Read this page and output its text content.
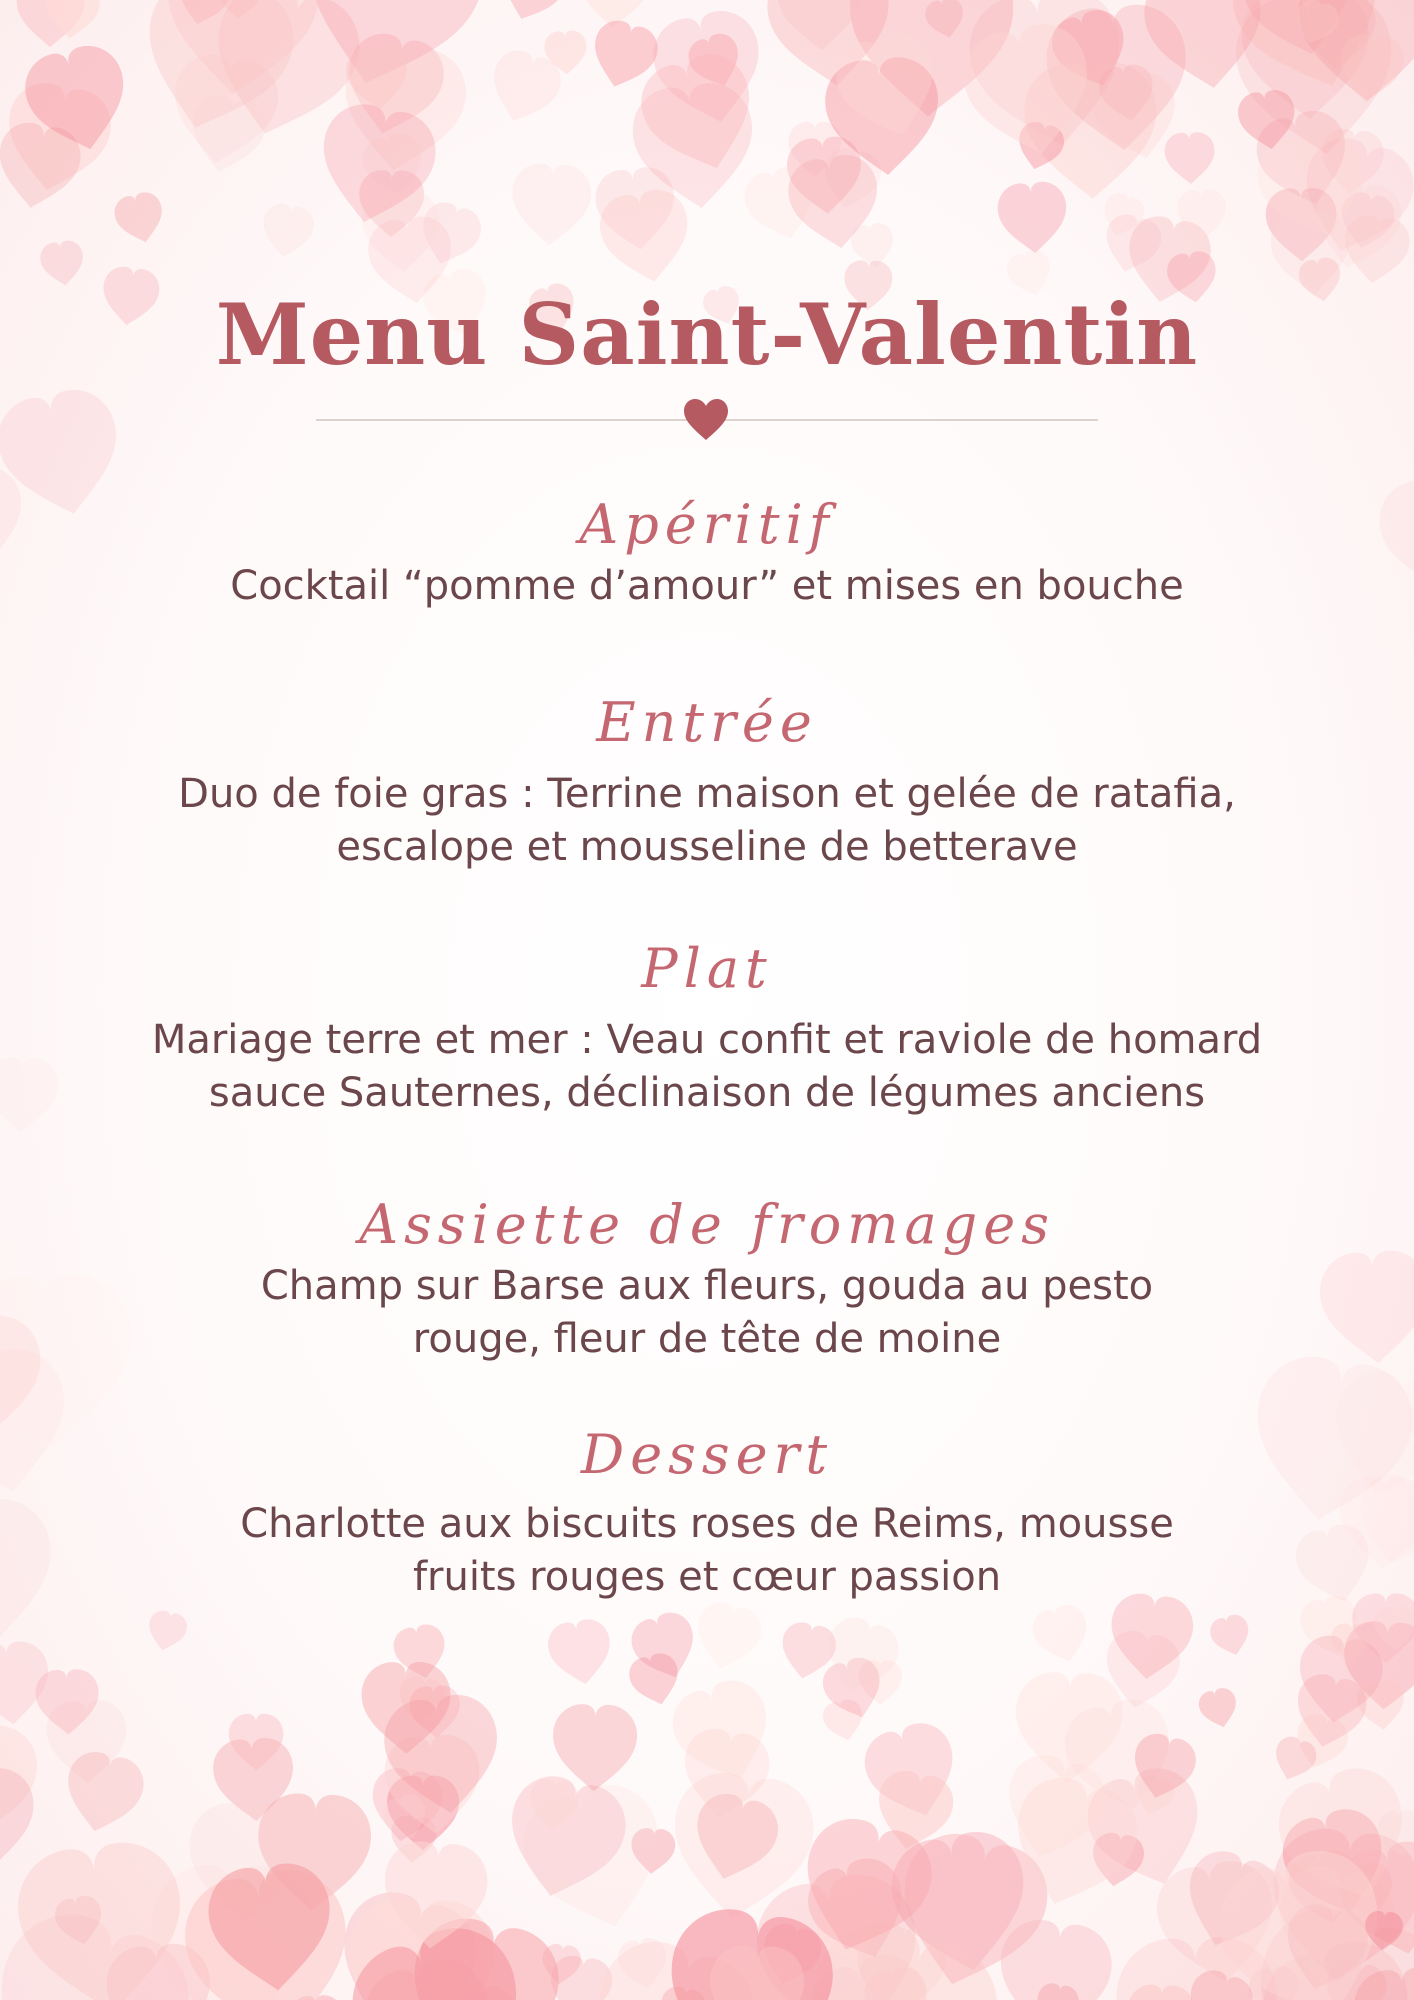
Menu Saint-Valentin
Apéritif
Cocktail “pomme d’amour” et mises en bouche
Entrée
Duo de foie gras : Terrine maison et gelée de ratafia,
escalope et mousseline de betterave
Plat
Mariage terre et mer : Veau confit et raviole de homard
sauce Sauternes, déclinaison de légumes anciens
Assiette de fromages
Champ sur Barse aux fleurs, gouda au pesto
rouge, fleur de tête de moine
Dessert
Charlotte aux biscuits roses de Reims, mousse
fruits rouges et cœur passion
